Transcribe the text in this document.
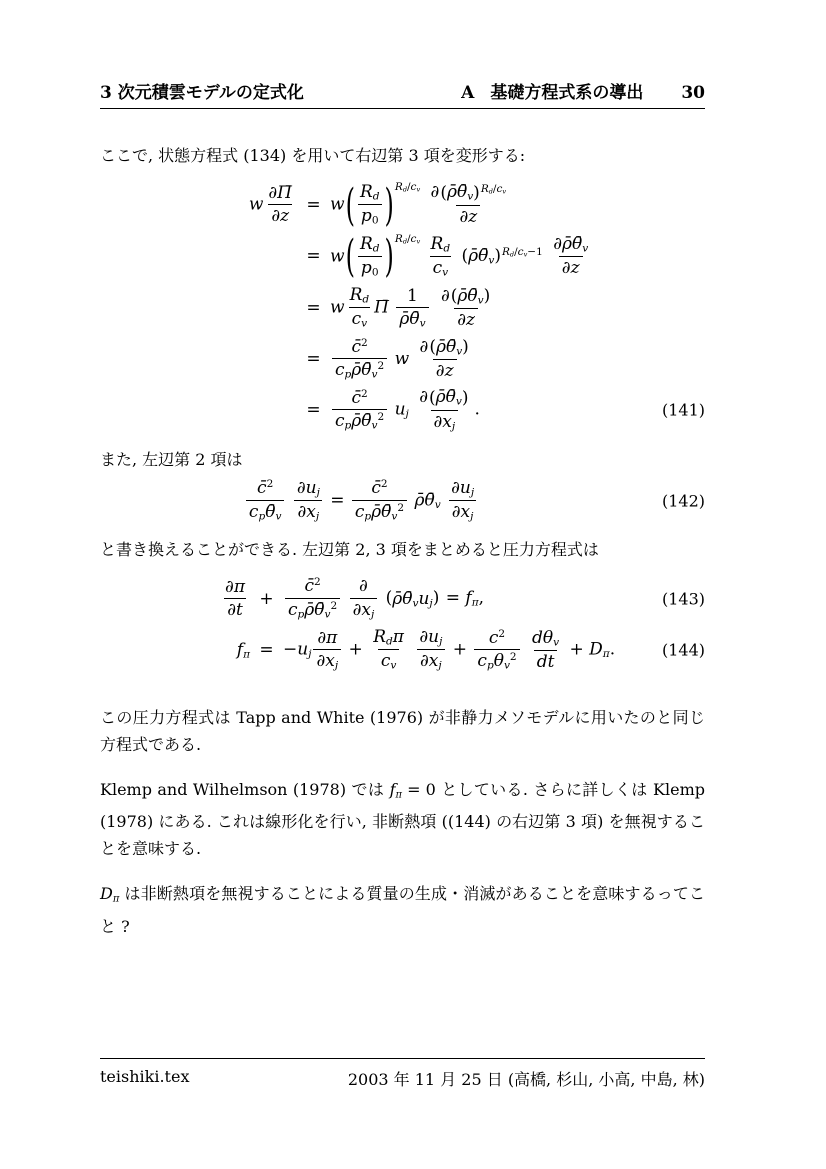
3 次元積雲モデルの定式化	A 基礎方程式系の導出 30

ここで, 状態方程式 (134) を用いて右辺第 3 項を変形する:

w $\frac{\partial\Pī}{\partial z} = w$ ( $\frac{Rd}{p0}$ ) $^{Rd/cv} \frac{\partial ( \rhō\thetāv ) ^{Rd/cv}}{\partial z}$
= w ( $\frac{Rd}{p0}$ ) $^{Rd/cv} \frac{Rd}{cv}$
( ρ̄θ̄v ) $^{Rd/cv-1} \frac{\partial\rhō\thetāv}{\partial z}$
= w $\frac{Rd}{cv}$ Π̄ $\frac{1}{\rhō\thetāv}$
$\frac{\partial ( \rhō\thetāv )}{\partial z}$
=
c̄$^2$
$cp\rhō\thetāv^2$ w $\frac{\partial ( \rhō\thetāv )}{\partial z}$
=
c̄$^2$
$cp\rhō\thetāv^2$ uj $\frac{\partial ( \rhō\thetāv )}{\partial xj}$ .	(141)

また, 左辺第 2 項は

c̄$^2$
cpθ̄v
$\frac{\partial uj}{\partial xj}$ =
c̄$^2$
$cp\rhō\thetāv^2$ ρ̄θ̄v $\frac{\partial uj}{\partial xj}$	(142)

と書き換えることができる. 左辺第 2, 3 項をまとめると圧力方程式は

$\frac{\partial\pi}{\partial t}$ +
c̄$^2$
$cp\rhō\thetāv^2$

∂
∂xj

( ρ̄θ̄vuj ) = fπ,	(143)
$f\pi = -uj \frac{\partial\pi}{\partial xj}$ +
Rdπ
cv
$\frac{\partial uj}{\partial xj}$ +
$c^2$
cpθv$^2$

dθv
dt
+ Dπ.	(144)

この圧力方程式は Tapp and White (1976) が非静力メソモデルに用いたのと同じ方程式である.

Klemp and Wilhelmson (1978) では fπ = 0 としている. さらに詳しくは Klemp (1978) にある. これは線形化を行い, 非断熱項 ((144) の右辺第 3 項) を無視することを意味する.

Dπ は非断熱項を無視することによる質量の生成・消滅があることを意味するってこと ?

teishiki.tex	2003 年 11 月 25 日 (高橋, 杉山, 小高, 中島, 林)
